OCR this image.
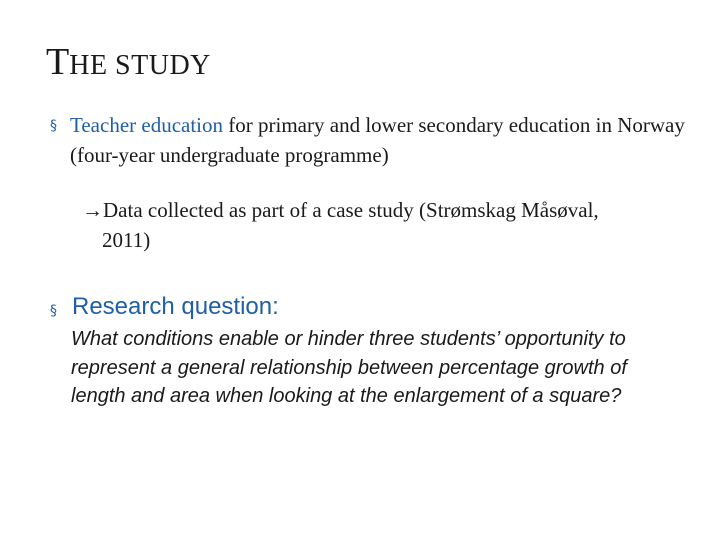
THE STUDY
§ Teacher education for primary and lower secondary education in Norway (four-year undergraduate programme)
→Data collected as part of a case study (Strømskag Måsøval,
2011)
§ Research question:
What conditions enable or hinder three students’ opportunity to represent a general relationship between percentage growth of length and area when looking at the enlargement of a square?
